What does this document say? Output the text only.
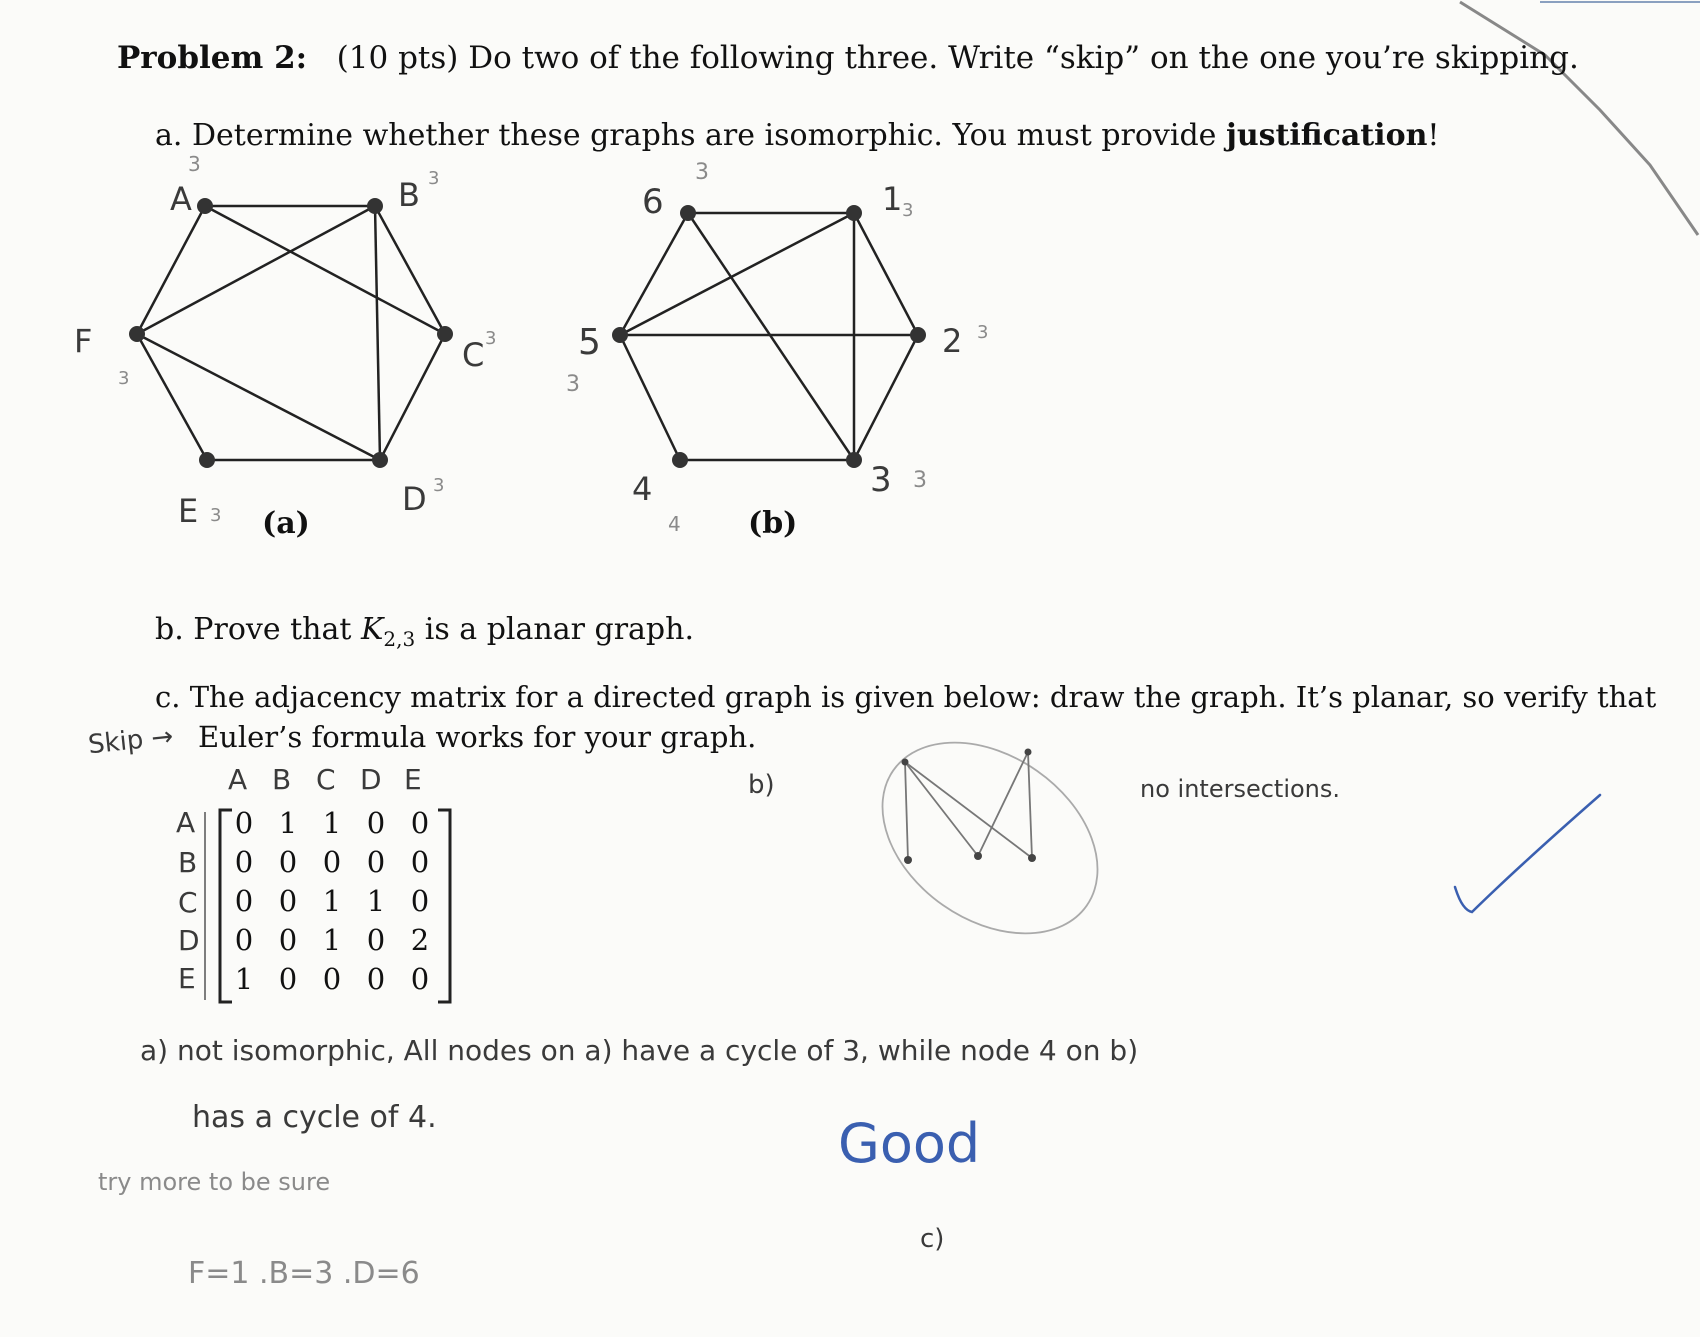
Problem 2: (10 pts) Do two of the following three. Write “skip” on the one you’re skipping.
a. Determine whether these graphs are isomorphic. You must provide justification!
A
3
B 3
C 3
D 3
E 3
F
3
(a)
6
3
1 3
2 3
3 3
4
4
5
3
(b)
b. Prove that $K_{2,3}$ is a planar graph.
c. The adjacency matrix for a directed graph is given below: draw the graph. It’s planar, so verify that
Euler’s formula works for your graph.
Skip →
A B C D E
A
B
C
D
E
0 1 1 0 0
0 0 0 0 0
0 0 1 1 0
0 0 1 0 2
1 0 0 0 0
b)	no intersections.
a) not isomorphic, All nodes on a) have a cycle of 3, while node 4 on b)
has a cycle of 4.	Good
try more to be sure
c)
F=1 .B=3 .D=6
